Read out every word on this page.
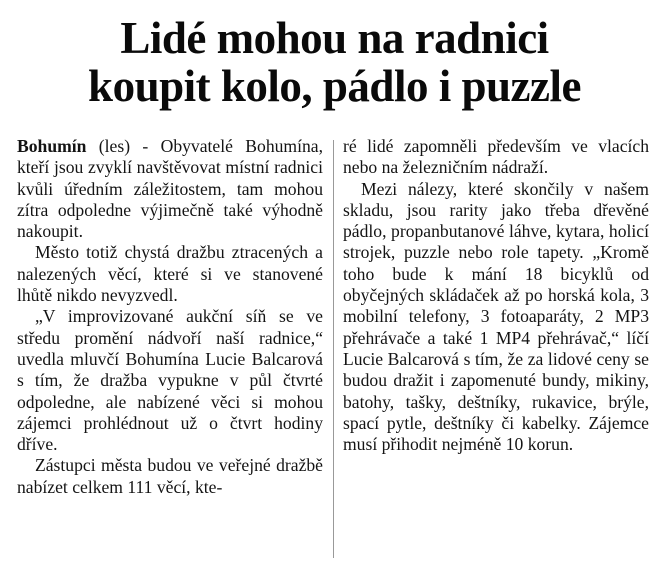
Lidé mohou na radnici
koupit kolo, pádlo i puzzle

Bohumín (les) - Obyvatelé Bohumína, kteří jsou zvyklí navštěvovat místní radnici kvůli úředním záležitostem, tam mohou zítra odpoledne výjimečně také výhodně nakoupit.

Město totiž chystá dražbu ztracených a nalezených věcí, které si ve stanovené lhůtě nikdo nevyzvedl.

„V improvizované aukční síň se ve středu promění nádvoří naší radnice,“ uvedla mluvčí Bohumína Lucie Balcarová s tím, že dražba vypukne v půl čtvrté odpoledne, ale nabízené věci si mohou zájemci prohlédnout už o čtvrt hodiny dříve.

Zástupci města budou ve veřejné dražbě nabízet celkem 111 věcí, kte-

ré lidé zapomněli především ve vlacích nebo na železničním nádraží.

Mezi nálezy, které skončily v našem skladu, jsou rarity jako třeba dřevěné pádlo, propanbutanové láhve, kytara, holicí strojek, puzzle nebo role tapety. „Kromě toho bude k mání 18 bicyklů od obyčejných skládaček až po horská kola, 3 mobilní telefony, 3 fotoaparáty, 2 MP3 přehrávače a také 1 MP4 přehrávač,“ líčí Lucie Balcarová s tím, že za lidové ceny se budou dražit i zapomenuté bundy, mikiny, batohy, tašky, deštníky, rukavice, brýle, spací pytle, deštníky či kabelky. Zájemce musí přihodit nejméně 10 korun.
